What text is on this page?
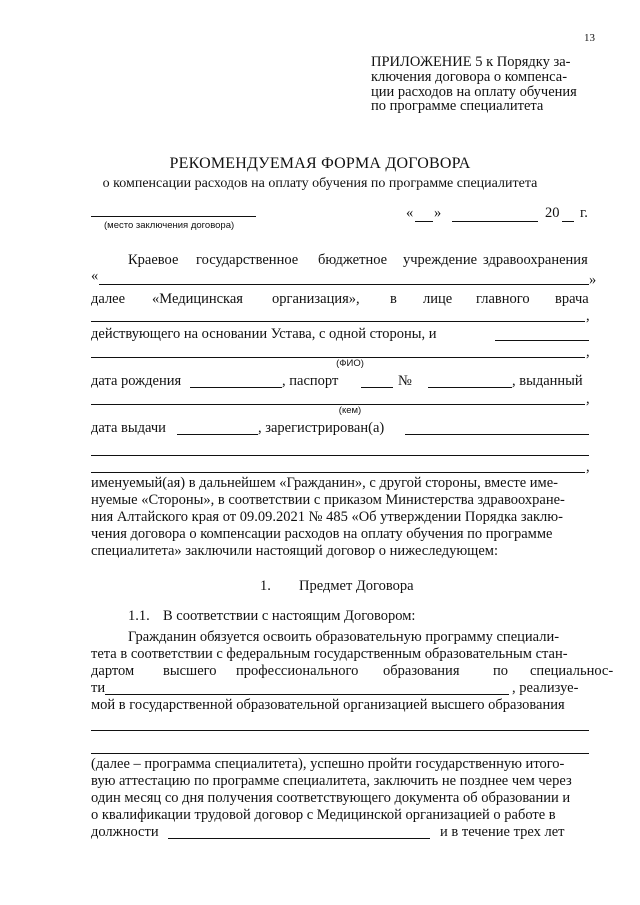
13
ПРИЛОЖЕНИЕ 5 к Порядку за-
ключения договора о компенса-
ции расходов на оплату обучения
по программе специалитета
РЕКОМЕНДУЕМАЯ ФОРМА ДОГОВОРА
о компенсации расходов на оплату обучения по программе специалитета
(место заключения договора)
« »	20 г.
Краевое государственное бюджетное учреждение здравоохранения
«	»
далее «Медицинская организация», в лице главного врача
,
действующего на основании Устава, с одной стороны, и
,
(ФИО)
дата рождения	, паспорт	№	, выданный
,
(кем)
дата выдачи	, зарегистрирован(а)
,
именуемый(ая) в дальнейшем «Гражданин», с другой стороны, вместе име-
нуемые «Стороны», в соответствии с приказом Министерства здравоохране-
ния Алтайского края от 09.09.2021 № 485 «Об утверждении Порядка заклю-
чения договора о компенсации расходов на оплату обучения по программе
специалитета» заключили настоящий договор о нижеследующем:
1. Предмет Договора
1.1. В соответствии с настоящим Договором:
Гражданин обязуется освоить образовательную программу специали-
тета в соответствии с федеральным государственным образовательным стан-
дартом высшего профессионального образования по специальнос-
ти	, реализуе-
мой в государственной образовательной организацией высшего образования
(далее – программа специалитета), успешно пройти государственную итого-
вую аттестацию по программе специалитета, заключить не позднее чем через
один месяц со дня получения соответствующего документа об образовании и
о квалификации трудовой договор с Медицинской организацией о работе в
должности	и в течение трех лет
